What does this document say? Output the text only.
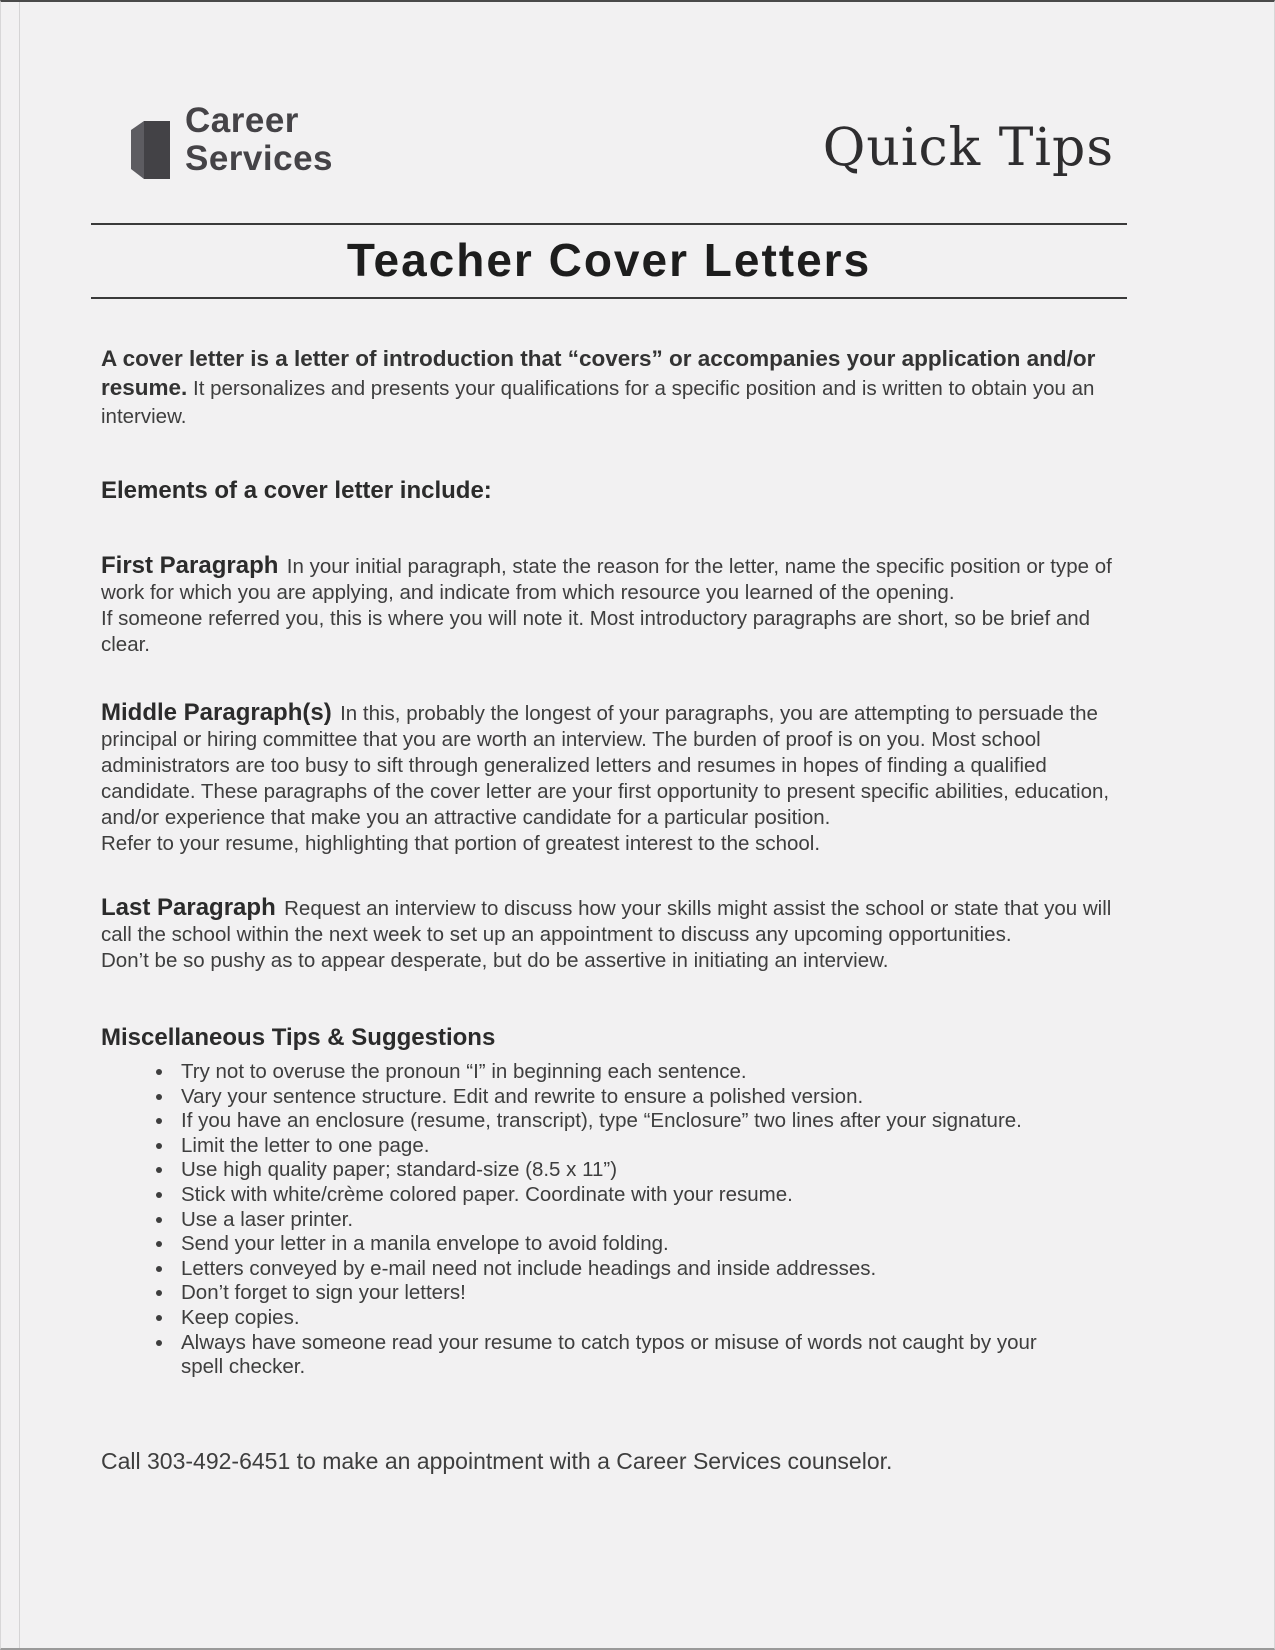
Career
Services	Quick Tips
Teacher Cover Letters

A cover letter is a letter of introduction that “covers” or accompanies your application and/or resume. It personalizes and presents your qualifications for a specific position and is written to obtain you an interview.

Elements of a cover letter include:

First Paragraph In your initial paragraph, state the reason for the letter, name the specific position or type of work for which you are applying, and indicate from which resource you learned of the opening.

If someone referred you, this is where you will note it. Most introductory paragraphs are short, so be brief and clear.

Middle Paragraph(s) In this, probably the longest of your paragraphs, you are attempting to persuade the principal or hiring committee that you are worth an interview. The burden of proof is on you. Most school administrators are too busy to sift through generalized letters and resumes in hopes of finding a qualified candidate. These paragraphs of the cover letter are your first opportunity to present specific abilities, education, and/or experience that make you an attractive candidate for a particular position.

Refer to your resume, highlighting that portion of greatest interest to the school.

Last Paragraph Request an interview to discuss how your skills might assist the school or state that you will call the school within the next week to set up an appointment to discuss any upcoming opportunities.

Don’t be so pushy as to appear desperate, but do be assertive in initiating an interview.

Miscellaneous Tips & Suggestions
• Try not to overuse the pronoun “I” in beginning each sentence.
• Vary your sentence structure. Edit and rewrite to ensure a polished version.
• If you have an enclosure (resume, transcript), type “Enclosure” two lines after your signature.
• Limit the letter to one page.
• Use high quality paper; standard-size (8.5 x 11”)
• Stick with white/crème colored paper. Coordinate with your resume.
• Use a laser printer.
• Send your letter in a manila envelope to avoid folding.
• Letters conveyed by e-mail need not include headings and inside addresses.
• Don’t forget to sign your letters!
• Keep copies.
• Always have someone read your resume to catch typos or misuse of words not caught by your spell checker.

Call 303-492-6451 to make an appointment with a Career Services counselor.
